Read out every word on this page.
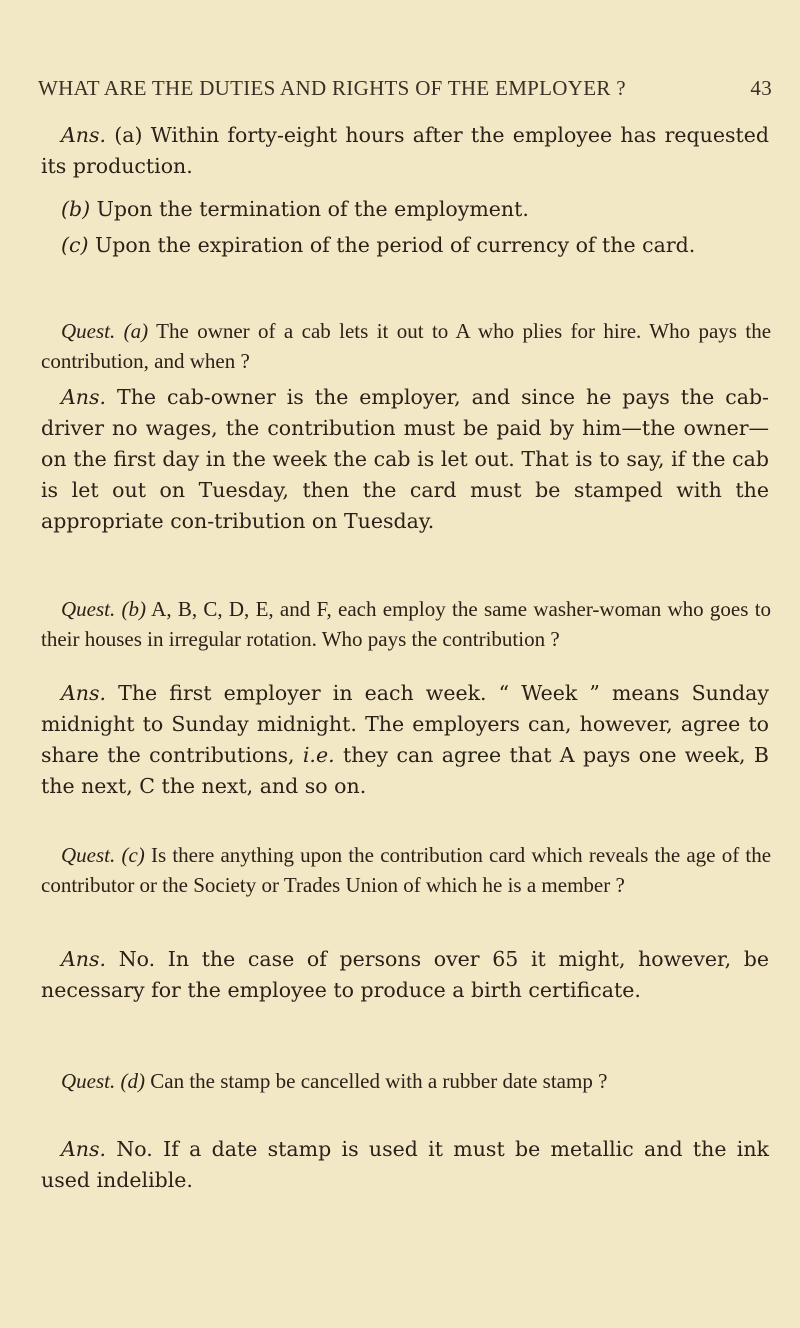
WHAT ARE THE DUTIES AND RIGHTS OF THE EMPLOYER ?	43
Ans. (a) Within forty-eight hours after the employee has requested its production.
(b) Upon the termination of the employment.
(c) Upon the expiration of the period of currency of the card.
Quest. (a) The owner of a cab lets it out to A who plies for hire. Who pays the contribution, and when ?
Ans. The cab-owner is the employer, and since he pays the cab-driver no wages, the contribution must be paid by him—the owner—on the first day in the week the cab is let out. That is to say, if the cab is let out on Tuesday, then the card must be stamped with the appropriate con-tribution on Tuesday.
Quest. (b) A, B, C, D, E, and F, each employ the same washer-woman who goes to their houses in irregular rotation. Who pays the contribution ?
Ans. The first employer in each week. “ Week ” means Sunday midnight to Sunday midnight. The employers can, however, agree to share the contributions, i.e. they can agree that A pays one week, B the next, C the next, and so on.
Quest. (c) Is there anything upon the contribution card which reveals the age of the contributor or the Society or Trades Union of which he is a member ?
Ans. No. In the case of persons over 65 it might, however, be necessary for the employee to produce a birth certificate.
Quest. (d) Can the stamp be cancelled with a rubber date stamp ?
Ans. No. If a date stamp is used it must be metallic and the ink used indelible.
